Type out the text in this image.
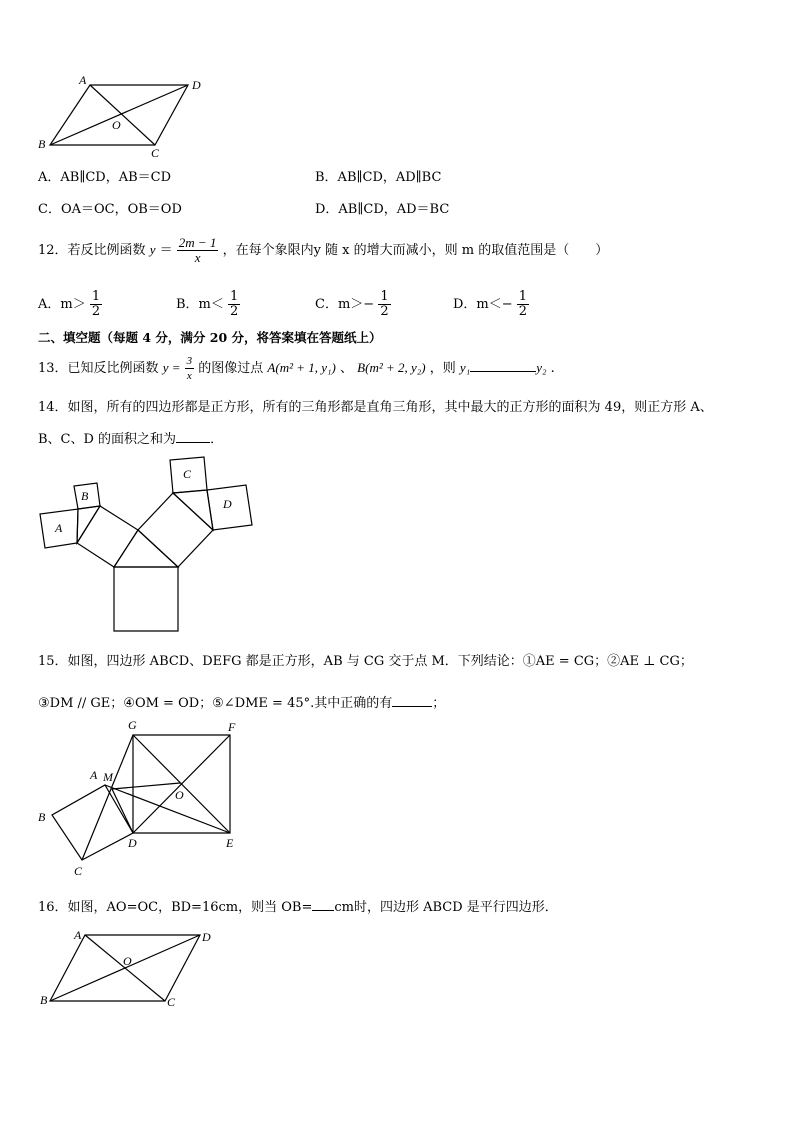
A	D
B
C
O
A．AB∥CD，AB＝CD	B．AB∥CD，AD∥BC
C．OA＝OC，OB＝OD	D．AB∥CD，AD＝BC
12．若反比例函数 $y = \frac{2m - 1}{x}$ ，在每个象限内y 随 x 的增大而减小，则 m 的取值范围是（　　）
A．$m> \frac{1}{2}$	B．$m< \frac{1}{2}$	C．$m>- \frac{1}{2}$	D．$m<- \frac{1}{2}$
二、填空题（每题 4 分，满分 20 分，将答案填在答题纸上）
13．已知反比例函数 $y = \frac{3}{x}$ 的图像过点 A(m² + 1, y₁) 、 B(m² + 2, y₂) ，则 y₁	y₂ .
14．如图，所有的四边形都是正方形，所有的三角形都是直角三角形，其中最大的正方形的面积为 49，则正方形 A、
B、C、D 的面积之和为	．
A
B
C
D
15．如图，四边形 ABCD、DEFG 都是正方形，AB 与 CG 交于点 M．下列结论：①AE = CG；②AE ⊥ CG；
③DM // GE；④OM = OD；⑤∠DME = 45°.其中正确的有	；
G	F
A M
O
B
D	E
C
16．如图，AO=OC，BD=16cm，则当 OB= cm时，四边形 ABCD 是平行四边形．
A	D
B	C
O
